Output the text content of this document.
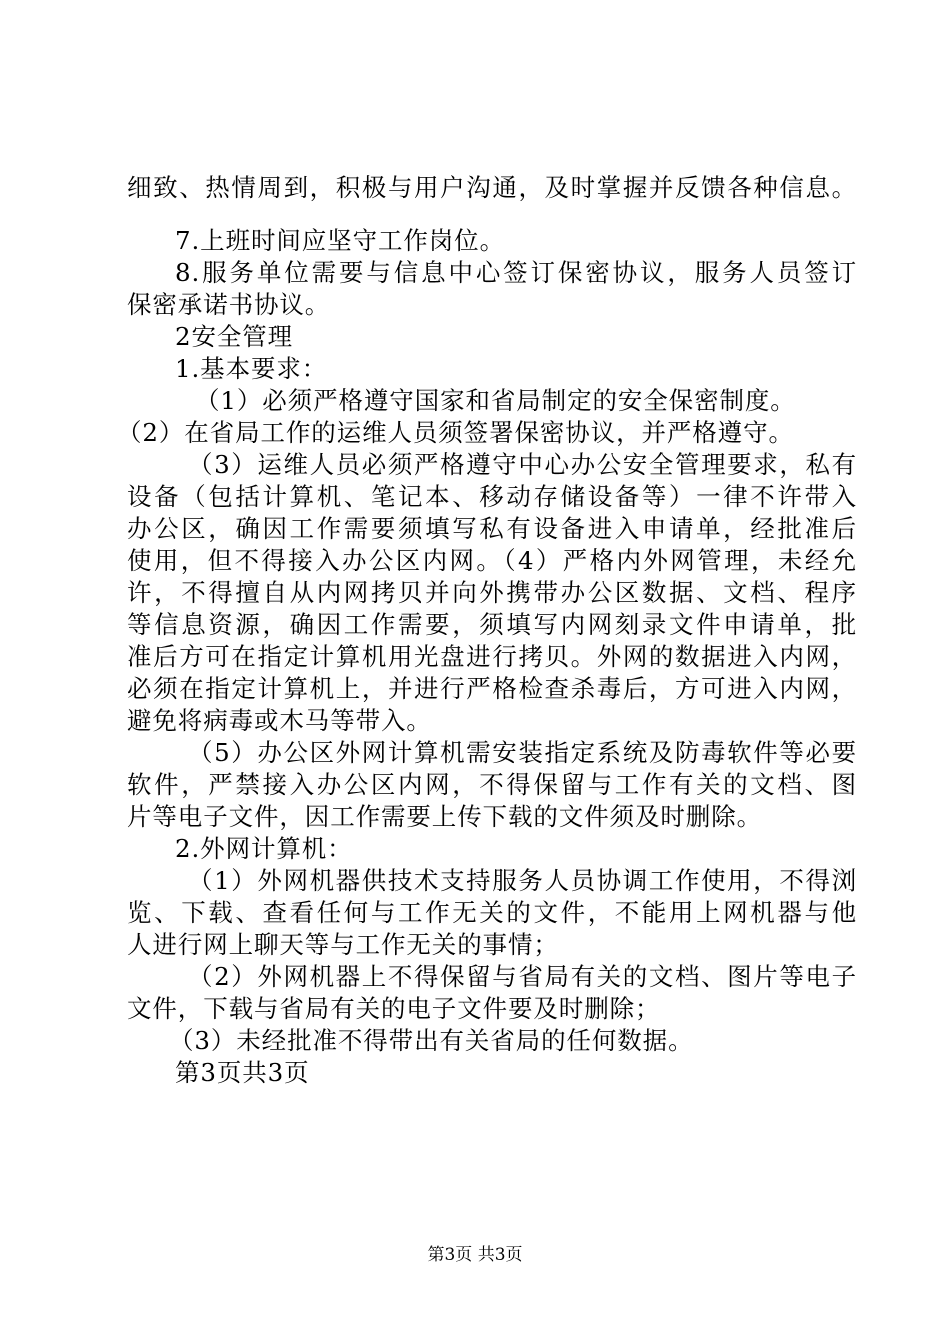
细致、热情周到，积极与用户沟通，及时掌握并反馈各种信息。

7.上班时间应坚守工作岗位。

8.服务单位需要与信息中心签订保密协议，服务人员签订

保密承诺书协议。

2安全管理

1.基本要求：

（1）必须严格遵守国家和省局制定的安全保密制度。

（2）在省局工作的运维人员须签署保密协议，并严格遵守。

（3）运维人员必须严格遵守中心办公安全管理要求，私有

设备（包括计算机、笔记本、移动存储设备等）一律不许带入

办公区，确因工作需要须填写私有设备进入申请单，经批准后

使用，但不得接入办公区内网。（4）严格内外网管理，未经允

许，不得擅自从内网拷贝并向外携带办公区数据、文档、程序

等信息资源，确因工作需要，须填写内网刻录文件申请单，批

准后方可在指定计算机用光盘进行拷贝。外网的数据进入内网，

必须在指定计算机上，并进行严格检查杀毒后，方可进入内网，

避免将病毒或木马等带入。

（5）办公区外网计算机需安装指定系统及防毒软件等必要

软件，严禁接入办公区内网，不得保留与工作有关的文档、图

片等电子文件，因工作需要上传下载的文件须及时删除。

2.外网计算机：

（1）外网机器供技术支持服务人员协调工作使用，不得浏

览、下载、查看任何与工作无关的文件，不能用上网机器与他

人进行网上聊天等与工作无关的事情；

（2）外网机器上不得保留与省局有关的文档、图片等电子

文件，下载与省局有关的电子文件要及时删除；

（3）未经批准不得带出有关省局的任何数据。

第3页共3页

第3页 共3页
